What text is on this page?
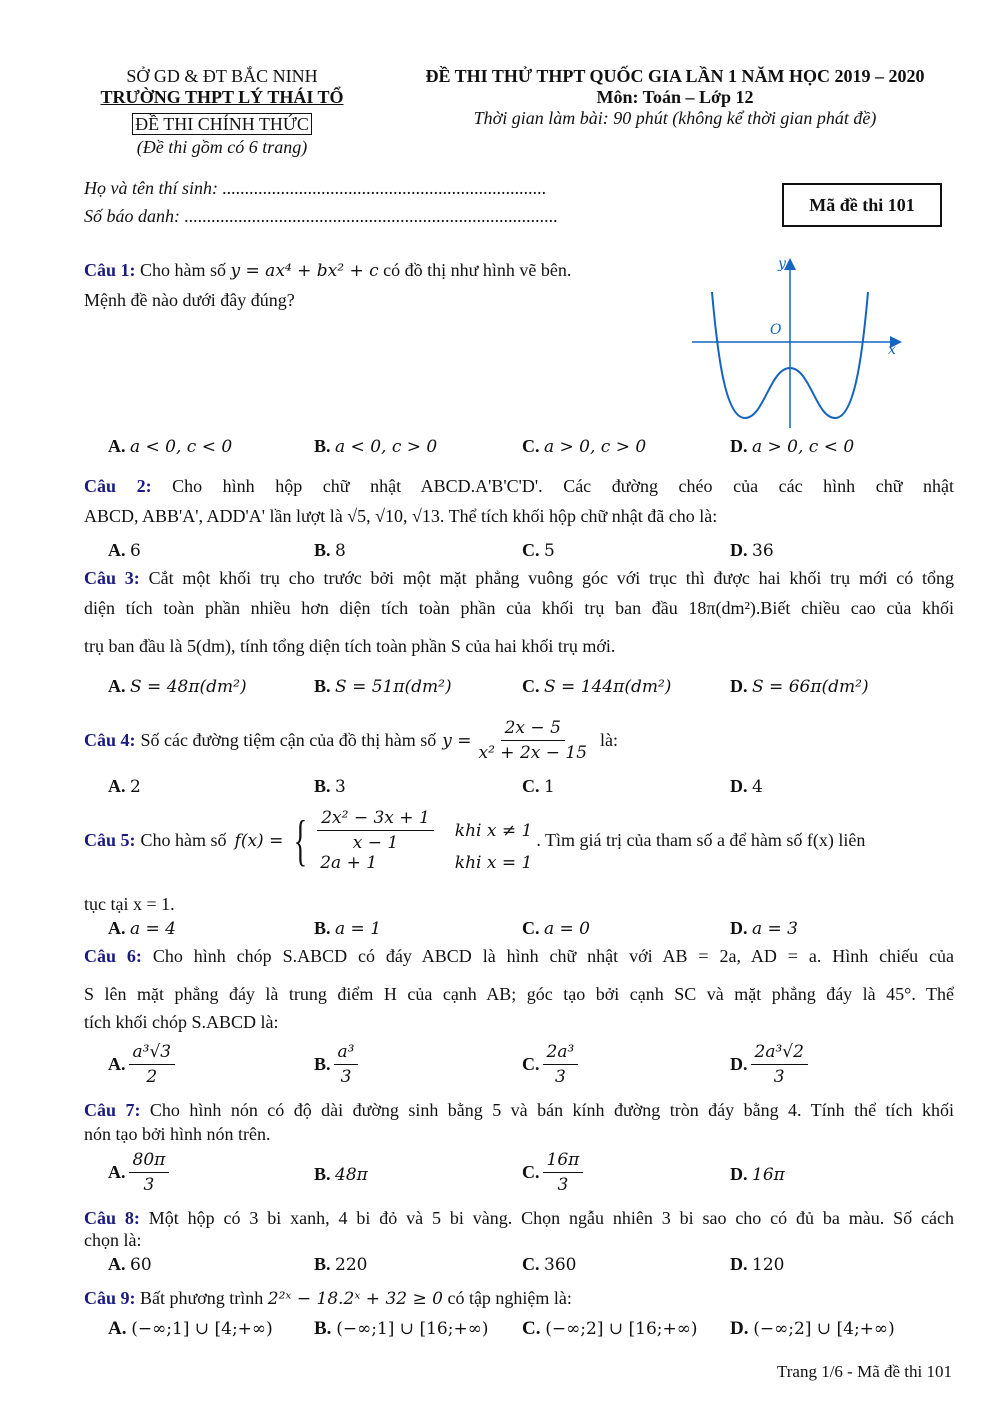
SỞ GD & ĐT BẮC NINH
TRƯỜNG THPT LÝ THÁI TỔ
ĐỀ THI CHÍNH THỨC
(Đề thi gồm có 6 trang)
ĐỀ THI THỬ THPT QUỐC GIA LẦN 1 NĂM HỌC 2019 – 2020
Môn: Toán – Lớp 12
Thời gian làm bài: 90 phút (không kể thời gian phát đề)
Họ và tên thí sinh: ........................................................................
Số báo danh: ...................................................................................
Mã đề thi 101
Câu 1: Cho hàm số y = ax⁴ + bx² + c có đồ thị như hình vẽ bên.
Mệnh đề nào dưới đây đúng?
y
x
O
A. a < 0, c < 0	B. a < 0, c > 0	C. a > 0, c > 0	D. a > 0, c < 0
Câu 2: Cho hình hộp chữ nhật ABCD.A'B'C'D'. Các đường chéo của các hình chữ nhật
ABCD, ABB'A', ADD'A' lần lượt là √5, √10, √13. Thể tích khối hộp chữ nhật đã cho là:
A. 6	B. 8	C. 5	D. 36
Câu 3: Cắt một khối trụ cho trước bởi một mặt phẳng vuông góc với trục thì được hai khối trụ mới có tổng
diện tích toàn phần nhiều hơn diện tích toàn phần của khối trụ ban đầu 18π(dm²).Biết chiều cao của khối
trụ ban đầu là 5(dm), tính tổng diện tích toàn phần S của hai khối trụ mới.
A. S = 48π(dm²)	B. S = 51π(dm²)	C. S = 144π(dm²)	D. S = 66π(dm²)
Câu 4: Số các đường tiệm cận của đồ thị hàm số $y = \frac{2x - 5}{\text{x² + 2x − 15}}$ là:
A. 2	B. 3	C. 1	D. 4
Câu 5: Cho hàm số f(x) = { $\frac{\text{2x² − 3x + 1}}{x - 1}$ khi x ≠ 1
2a + 1	khi x = 1
. Tìm giá trị của tham số a để hàm số f(x) liên
tục tại x = 1.
A. a = 4	B. a = 1	C. a = 0	D. a = 3
Câu 6: Cho hình chóp S.ABCD có đáy ABCD là hình chữ nhật với AB = 2a, AD = a. Hình chiếu của
S lên mặt phẳng đáy là trung điểm H của cạnh AB; góc tạo bởi cạnh SC và mặt phẳng đáy là 45°. Thể
tích khối chóp S.ABCD là:
A. $\frac{\text{a³√3}}{2}$	B. $\frac{\text{a³}}{3}$	C. $\frac{\text{2a³}}{3}$	D. $\frac{\text{2a³√2}}{3}$
Câu 7: Cho hình nón có độ dài đường sinh bằng 5 và bán kính đường tròn đáy bằng 4. Tính thể tích khối
nón tạo bởi hình nón trên.
A. $\frac{80\pi}{3}$	B. 48π	C. $\frac{16\pi}{3}$	D. 16π
Câu 8: Một hộp có 3 bi xanh, 4 bi đỏ và 5 bi vàng. Chọn ngẫu nhiên 3 bi sao cho có đủ ba màu. Số cách
chọn là:
A. 60	B. 220	C. 360	D. 120
Câu 9: Bất phương trình 2²ˣ − 18.2ˣ + 32 ≥ 0 có tập nghiệm là:
A. (−∞;1] ∪ [4;+∞) B. (−∞;1] ∪ [16;+∞) C. (−∞;2] ∪ [16;+∞) D. (−∞;2] ∪ [4;+∞)
Trang 1/6 - Mã đề thi 101
